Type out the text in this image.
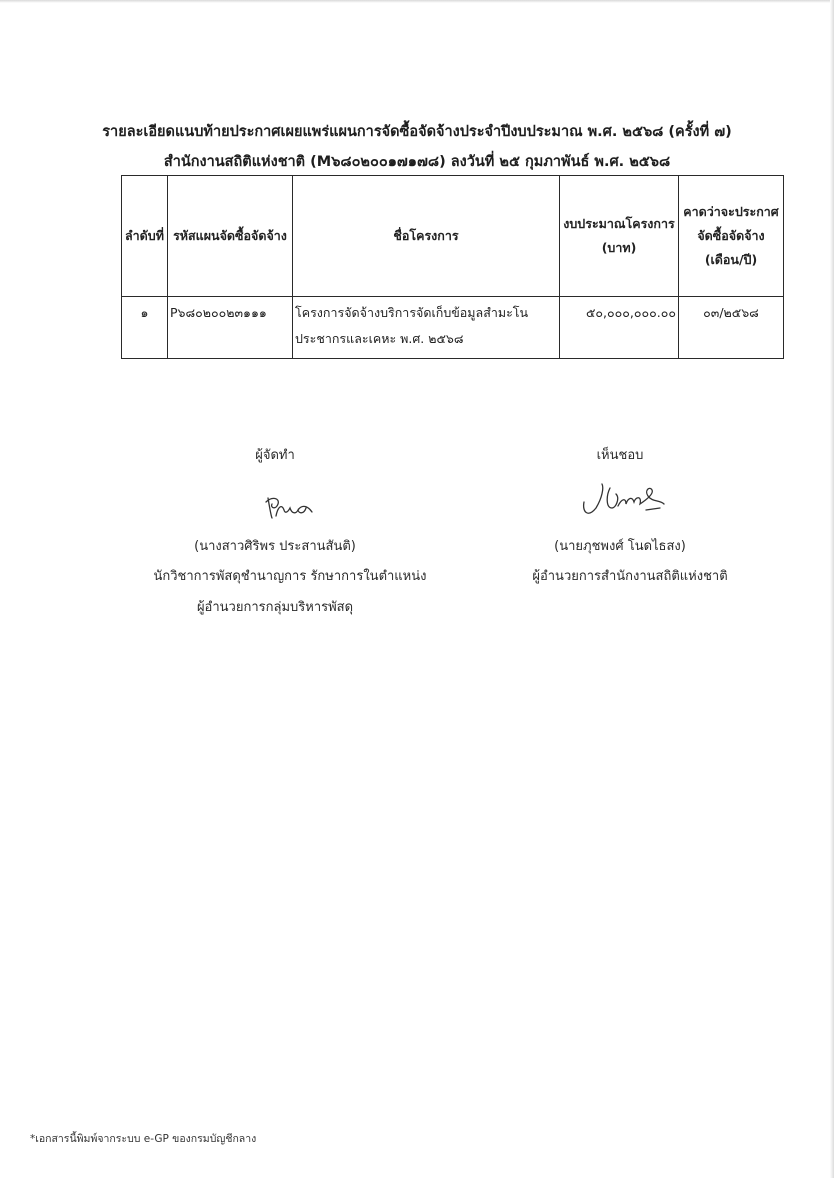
รายละเอียดแนบท้ายประกาศเผยแพร่แผนการจัดซื้อจัดจ้างประจำปีงบประมาณ พ.ศ. ๒๕๖๘ (ครั้งที่ ๗)
สำนักงานสถิติแห่งชาติ (M๖๘๐๒๐๐๑๗๑๗๘) ลงวันที่ ๒๕ กุมภาพันธ์ พ.ศ. ๒๕๖๘
ลำดับที่	รหัสแผนจัดซื้อจัดจ้าง	ชื่อโครงการ	งบประมาณโครงการ (บาท)	คาดว่าจะประกาศจัดซื้อจัดจ้าง (เดือน/ปี)
๑	P๖๘๐๒๐๐๒๓๑๑๑	โครงการจัดจ้างบริการจัดเก็บข้อมูลสำมะโนประชากรและเคหะ พ.ศ. ๒๕๖๘	๕๐,๐๐๐,๐๐๐.๐๐	๐๓/๒๕๖๘
ผู้จัดทำ
(นางสาวศิริพร ประสานสันติ)
นักวิชาการพัสดุชำนาญการ รักษาการในตำแหน่ง
ผู้อำนวยการกลุ่มบริหารพัสดุ
เห็นชอบ
(นายภุชพงศ์ โนดไธสง)
ผู้อำนวยการสำนักงานสถิติแห่งชาติ
*เอกสารนี้พิมพ์จากระบบ e-GP ของกรมบัญชีกลาง
